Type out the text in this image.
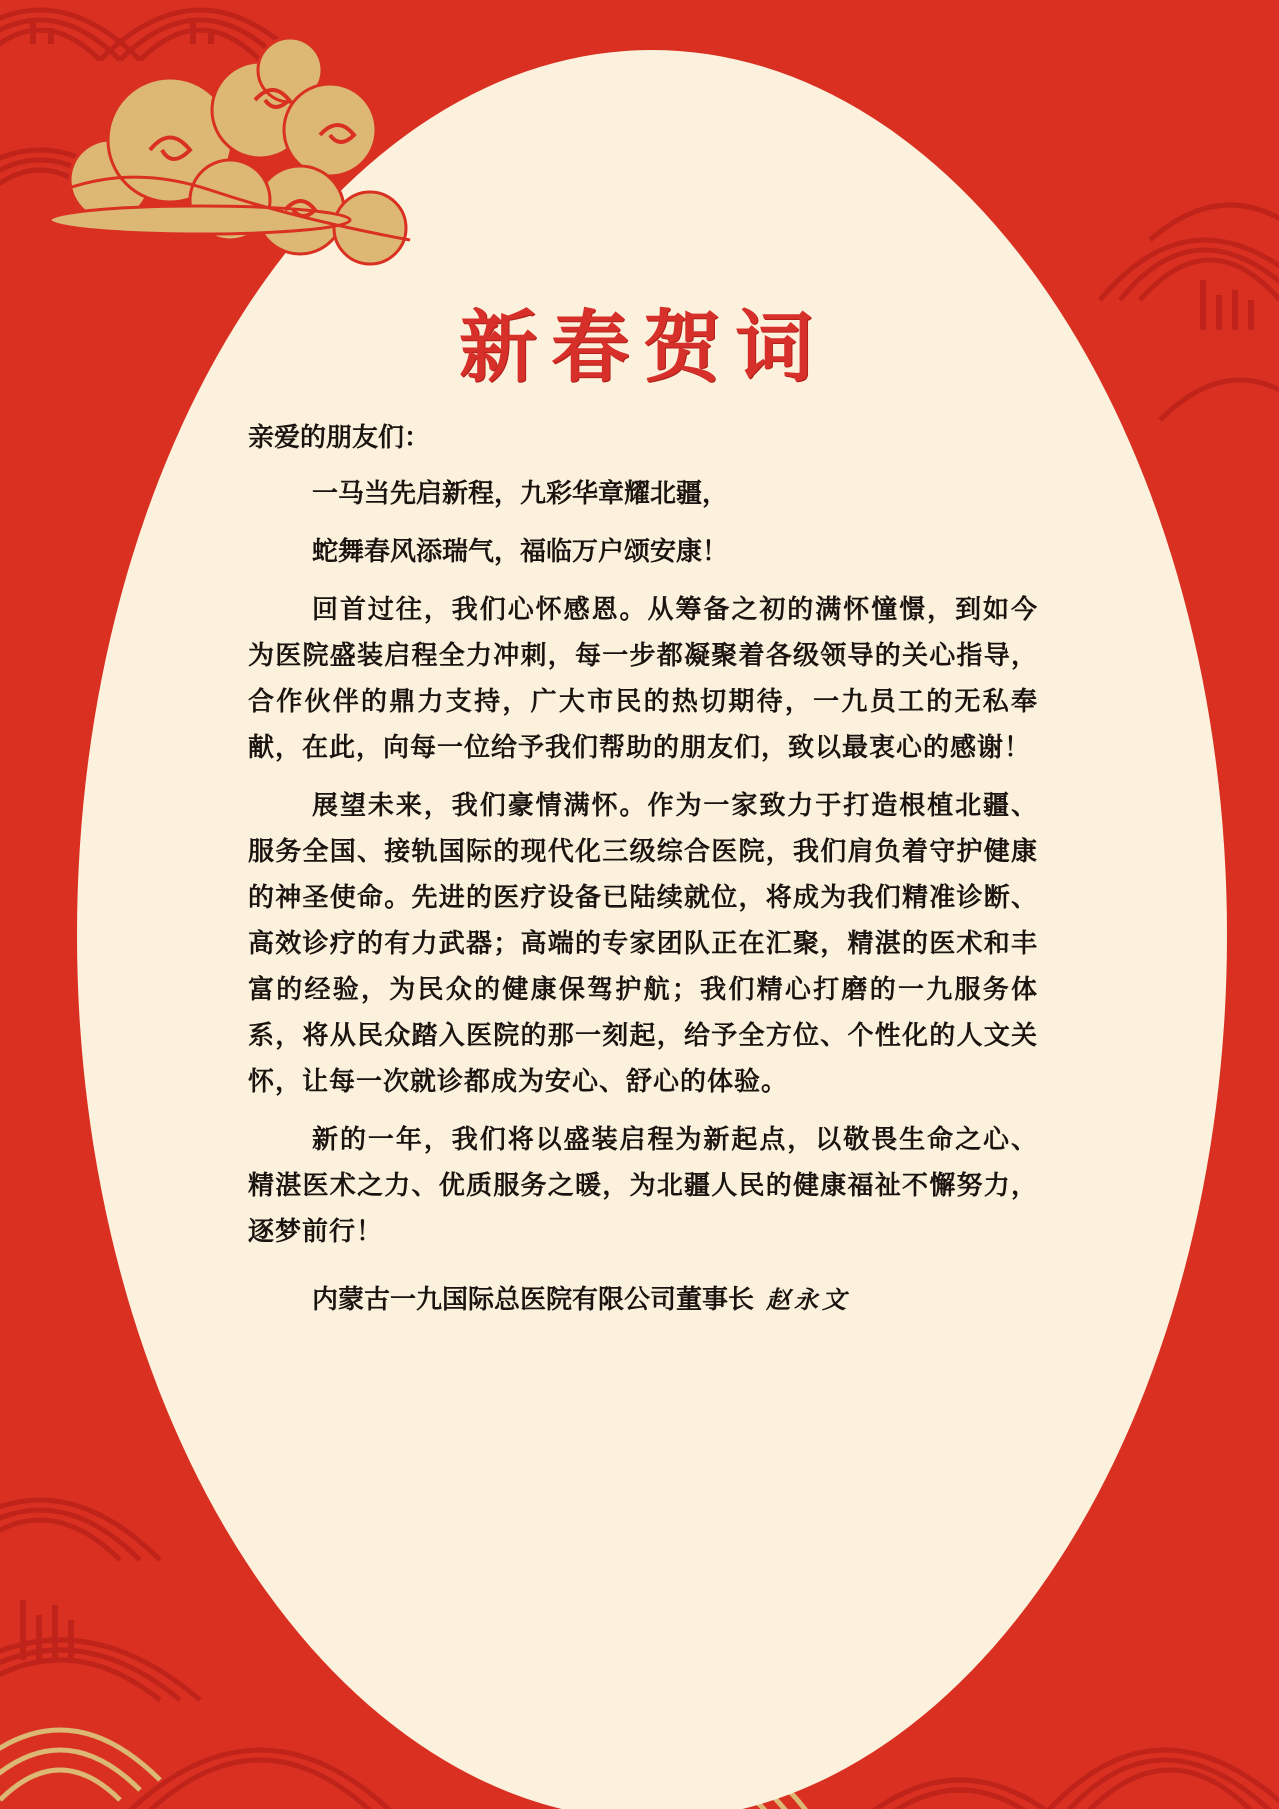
新春贺词
亲爱的朋友们：
一马当先启新程，九彩华章耀北疆，
蛇舞春风添瑞气，福临万户颂安康！
回首过往，我们心怀感恩。从筹备之初的满怀憧憬，到如今为医院盛装启程全力冲刺，每一步都凝聚着各级领导的关心指导，合作伙伴的鼎力支持，广大市民的热切期待，一九员工的无私奉献，在此，向每一位给予我们帮助的朋友们，致以最衷心的感谢！
展望未来，我们豪情满怀。作为一家致力于打造根植北疆、服务全国、接轨国际的现代化三级综合医院，我们肩负着守护健康的神圣使命。先进的医疗设备已陆续就位，将成为我们精准诊断、高效诊疗的有力武器；高端的专家团队正在汇聚，精湛的医术和丰富的经验，为民众的健康保驾护航；我们精心打磨的一九服务体系，将从民众踏入医院的那一刻起，给予全方位、个性化的人文关怀，让每一次就诊都成为安心、舒心的体验。
新的一年，我们将以盛装启程为新起点，以敬畏生命之心、精湛医术之力、优质服务之暖，为北疆人民的健康福祉不懈努力，逐梦前行！
内蒙古一九国际总医院有限公司董事长 赵永文
